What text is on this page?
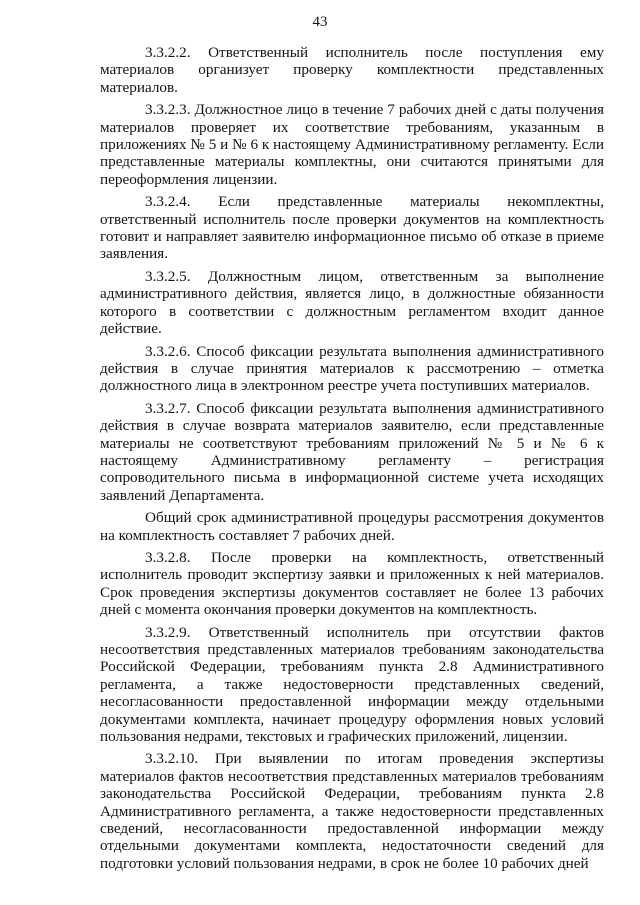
43

3.3.2.2. Ответственный исполнитель после поступления ему материалов организует проверку комплектности представленных материалов.

3.3.2.3. Должностное лицо в течение 7 рабочих дней с даты получения материалов проверяет их соответствие требованиям, указанным в приложениях № 5 и № 6 к настоящему Административному регламенту. Если представленные материалы комплектны, они считаются принятыми для переоформления лицензии.

3.3.2.4. Если представленные материалы некомплектны, ответственный исполнитель после проверки документов на комплектность готовит и направляет заявителю информационное письмо об отказе в приеме заявления.

3.3.2.5. Должностным лицом, ответственным за выполнение административного действия, является лицо, в должностные обязанности которого в соответствии с должностным регламентом входит данное действие.

3.3.2.6. Способ фиксации результата выполнения административного действия в случае принятия материалов к рассмотрению – отметка должностного лица в электронном реестре учета поступивших материалов.

3.3.2.7. Способ фиксации результата выполнения административного действия в случае возврата материалов заявителю, если представленные материалы не соответствуют требованиям приложений № 5 и № 6 к настоящему Административному регламенту – регистрация сопроводительного письма в информационной системе учета исходящих заявлений Департамента.

Общий срок административной процедуры рассмотрения документов на комплектность составляет 7 рабочих дней.

3.3.2.8. После проверки на комплектность, ответственный исполнитель проводит экспертизу заявки и приложенных к ней материалов. Срок проведения экспертизы документов составляет не более 13 рабочих дней с момента окончания проверки документов на комплектность.

3.3.2.9. Ответственный исполнитель при отсутствии фактов несоответствия представленных материалов требованиям законодательства Российской Федерации, требованиям пункта 2.8 Административного регламента, а также недостоверности представленных сведений, несогласованности предоставленной информации между отдельными документами комплекта, начинает процедуру оформления новых условий пользования недрами, текстовых и графических приложений, лицензии.

3.3.2.10. При выявлении по итогам проведения экспертизы материалов фактов несоответствия представленных материалов требованиям законодательства Российской Федерации, требованиям пункта 2.8 Административного регламента, а также недостоверности представленных сведений, несогласованности предоставленной информации между отдельными документами комплекта, недостаточности сведений для подготовки условий пользования недрами, в срок не более 10 рабочих дней
